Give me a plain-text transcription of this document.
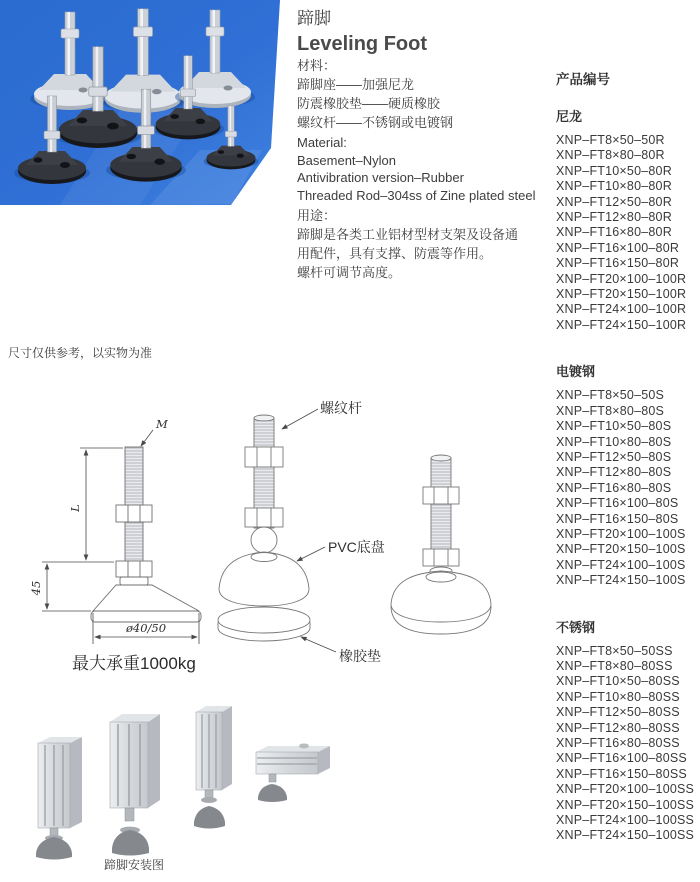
蹄脚
Leveling Foot
材料：
蹄脚座——加强尼龙
防震橡胶垫——硬质橡胶
螺纹杆——不锈钢或电镀钢
Material:
Basement–Nylon
Antivibration version–Rubber
Threaded Rod–304ss of Zine plated steel
用途：
蹄脚是各类工业铝材型材支架及设备通
用配件，具有支撑、防震等作用。
螺杆可调节高度。
尺寸仅供参考，以实物为准
产品编号
尼龙
XNP–FT8×50–50R
XNP–FT8×80–80R
XNP–FT10×50–80R
XNP–FT10×80–80R
XNP–FT12×50–80R
XNP–FT12×80–80R
XNP–FT16×80–80R
XNP–FT16×100–80R
XNP–FT16×150–80R
XNP–FT20×100–100R
XNP–FT20×150–100R
XNP–FT24×100–100R
XNP–FT24×150–100R
电镀钢
XNP–FT8×50–50S
XNP–FT8×80–80S
XNP–FT10×50–80S
XNP–FT10×80–80S
XNP–FT12×50–80S
XNP–FT12×80–80S
XNP–FT16×80–80S
XNP–FT16×100–80S
XNP–FT16×150–80S
XNP–FT20×100–100S
XNP–FT20×150–100S
XNP–FT24×100–100S
XNP–FT24×150–100S
不锈钢
XNP–FT8×50–50SS
XNP–FT8×80–80SS
XNP–FT10×50–80SS
XNP–FT10×80–80SS
XNP–FT12×50–80SS
XNP–FT12×80–80SS
XNP–FT16×80–80SS
XNP–FT16×100–80SS
XNP–FT16×150–80SS
XNP–FT20×100–100SS
XNP–FT20×150–100SS
XNP–FT24×100–100SS
XNP–FT24×150–100SS
M
L
45
ø40/50
最大承重1000kg
螺纹杆
PVC底盘
橡胶垫
蹄脚安装图
